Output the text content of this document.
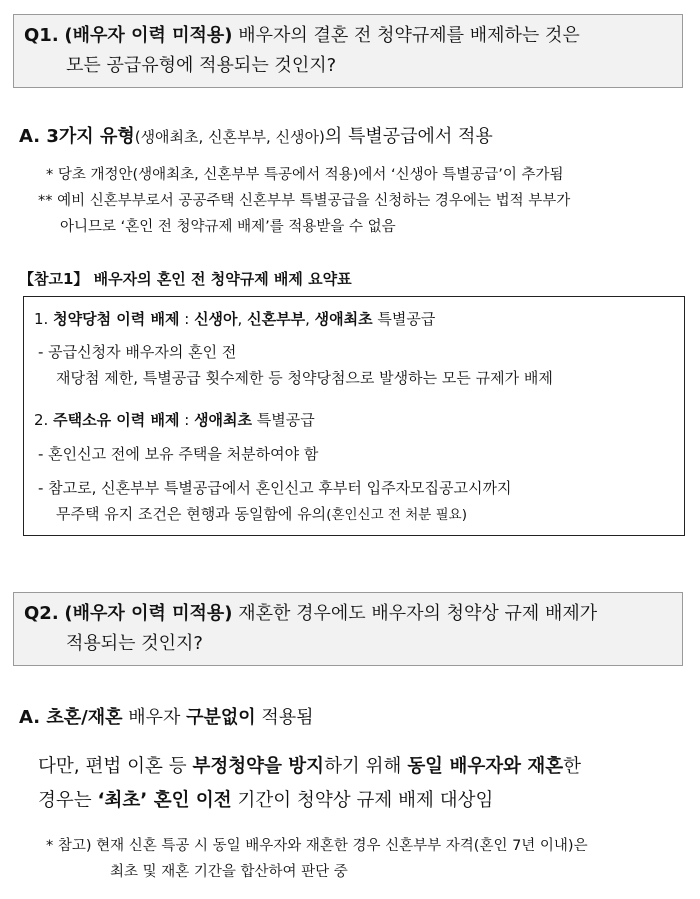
Q1. (배우자 이력 미적용) 배우자의 결혼 전 청약규제를 배제하는 것은
모든 공급유형에 적용되는 것인지?
A. 3가지 유형(생애최초, 신혼부부, 신생아)의 특별공급에서 적용
* 당초 개정안(생애최초, 신혼부부 특공에서 적용)에서 ‘신생아 특별공급’이 추가됨
** 예비 신혼부부로서 공공주택 신혼부부 특별공급을 신청하는 경우에는 법적 부부가
아니므로 ‘혼인 전 청약규제 배제’를 적용받을 수 없음
【참고1】 배우자의 혼인 전 청약규제 배제 요약표
1. 청약당첨 이력 배제 : 신생아, 신혼부부, 생애최초 특별공급
- 공급신청자 배우자의 혼인 전
재당첨 제한, 특별공급 횟수제한 등 청약당첨으로 발생하는 모든 규제가 배제
2. 주택소유 이력 배제 : 생애최초 특별공급
- 혼인신고 전에 보유 주택을 처분하여야 함
- 참고로, 신혼부부 특별공급에서 혼인신고 후부터 입주자모집공고시까지
무주택 유지 조건은 현행과 동일함에 유의(혼인신고 전 처분 필요)
Q2. (배우자 이력 미적용) 재혼한 경우에도 배우자의 청약상 규제 배제가
적용되는 것인지?
A. 초혼/재혼 배우자 구분없이 적용됨
다만, 편법 이혼 등 부정청약을 방지하기 위해 동일 배우자와 재혼한
경우는 ‘최초’ 혼인 이전 기간이 청약상 규제 배제 대상임
* 참고) 현재 신혼 특공 시 동일 배우자와 재혼한 경우 신혼부부 자격(혼인 7년 이내)은
최초 및 재혼 기간을 합산하여 판단 중
